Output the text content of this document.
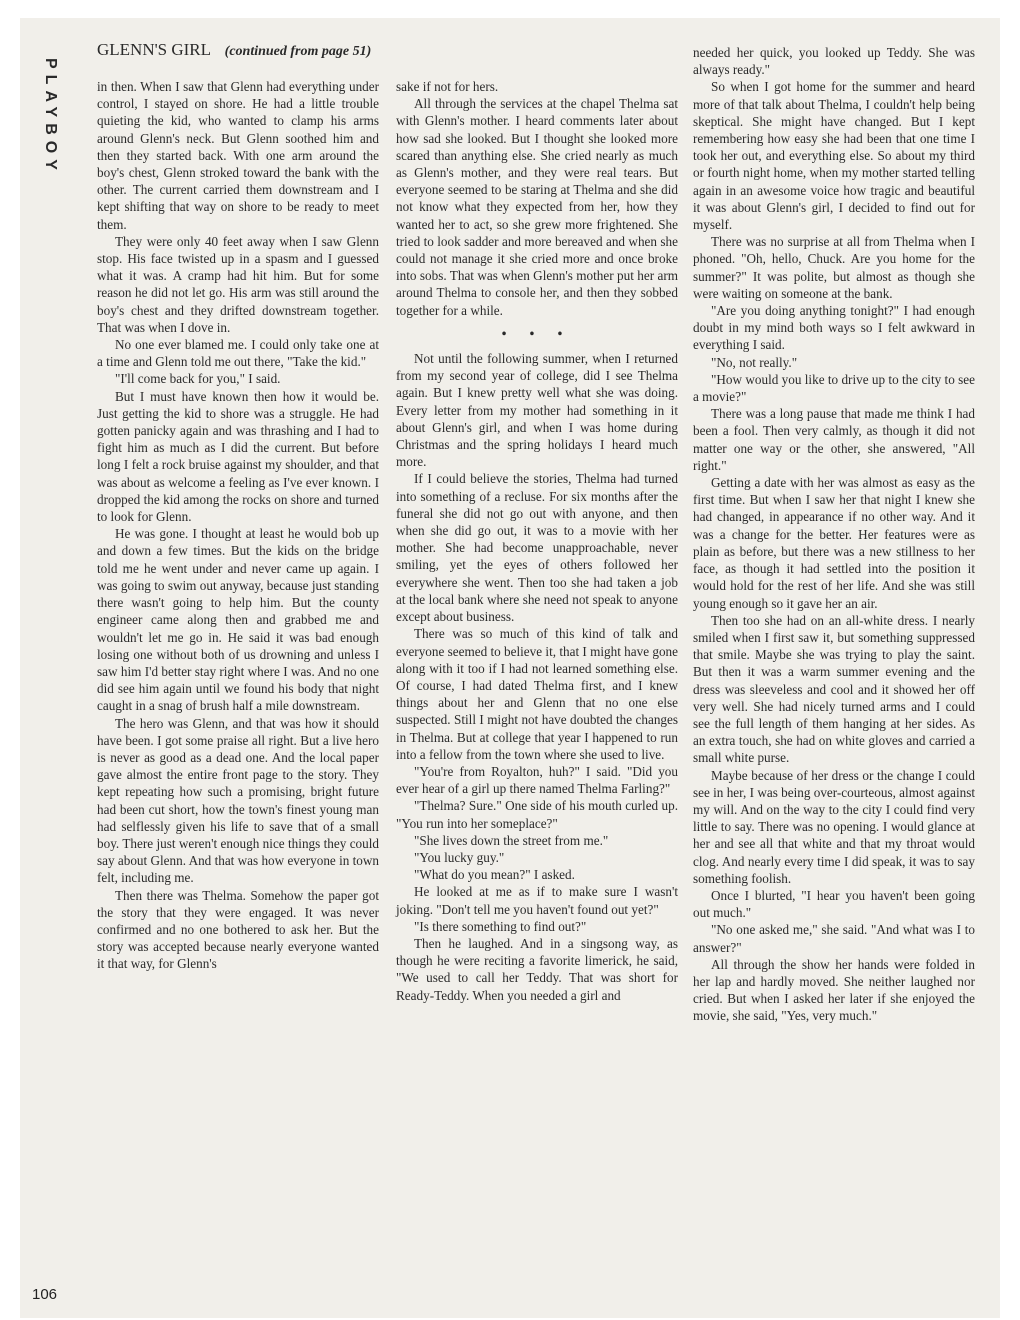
PLAYBOY
GLENN'S GIRL (continued from page 51)

in then. When I saw that Glenn had everything under control, I stayed on shore. He had a little trouble quieting the kid, who wanted to clamp his arms around Glenn's neck. But Glenn soothed him and then they started back. With one arm around the boy's chest, Glenn stroked toward the bank with the other. The current carried them downstream and I kept shifting that way on shore to be ready to meet them.

They were only 40 feet away when I saw Glenn stop. His face twisted up in a spasm and I guessed what it was. A cramp had hit him. But for some reason he did not let go. His arm was still around the boy's chest and they drifted downstream together. That was when I dove in.

No one ever blamed me. I could only take one at a time and Glenn told me out there, "Take the kid."

"I'll come back for you," I said.

But I must have known then how it would be. Just getting the kid to shore was a struggle. He had gotten panicky again and was thrashing and I had to fight him as much as I did the current. But before long I felt a rock bruise against my shoulder, and that was about as welcome a feeling as I've ever known. I dropped the kid among the rocks on shore and turned to look for Glenn.

He was gone. I thought at least he would bob up and down a few times. But the kids on the bridge told me he went under and never came up again. I was going to swim out anyway, because just standing there wasn't going to help him. But the county engineer came along then and grabbed me and wouldn't let me go in. He said it was bad enough losing one without both of us drowning and unless I saw him I'd better stay right where I was. And no one did see him again until we found his body that night caught in a snag of brush half a mile downstream.

The hero was Glenn, and that was how it should have been. I got some praise all right. But a live hero is never as good as a dead one. And the local paper gave almost the entire front page to the story. They kept repeating how such a promising, bright future had been cut short, how the town's finest young man had selflessly given his life to save that of a small boy. There just weren't enough nice things they could say about Glenn. And that was how everyone in town felt, including me.

Then there was Thelma. Somehow the paper got the story that they were engaged. It was never confirmed and no one bothered to ask her. But the story was accepted because nearly everyone wanted it that way, for Glenn's

sake if not for hers.

All through the services at the chapel Thelma sat with Glenn's mother. I heard comments later about how sad she looked. But I thought she looked more scared than anything else. She cried nearly as much as Glenn's mother, and they were real tears. But everyone seemed to be staring at Thelma and she did not know what they expected from her, how they wanted her to act, so she grew more frightened. She tried to look sadder and more bereaved and when she could not manage it she cried more and once broke into sobs. That was when Glenn's mother put her arm around Thelma to console her, and then they sobbed together for a while.

• • •

Not until the following summer, when I returned from my second year of college, did I see Thelma again. But I knew pretty well what she was doing. Every letter from my mother had something in it about Glenn's girl, and when I was home during Christmas and the spring holidays I heard much more.

If I could believe the stories, Thelma had turned into something of a recluse. For six months after the funeral she did not go out with anyone, and then when she did go out, it was to a movie with her mother. She had become unapproachable, never smiling, yet the eyes of others followed her everywhere she went. Then too she had taken a job at the local bank where she need not speak to anyone except about business.

There was so much of this kind of talk and everyone seemed to believe it, that I might have gone along with it too if I had not learned something else. Of course, I had dated Thelma first, and I knew things about her and Glenn that no one else suspected. Still I might not have doubted the changes in Thelma. But at college that year I happened to run into a fellow from the town where she used to live.

"You're from Royalton, huh?" I said. "Did you ever hear of a girl up there named Thelma Farling?"

"Thelma? Sure." One side of his mouth curled up. "You run into her someplace?"

"She lives down the street from me."

"You lucky guy."

"What do you mean?" I asked.

He looked at me as if to make sure I wasn't joking. "Don't tell me you haven't found out yet?"

"Is there something to find out?"

Then he laughed. And in a singsong way, as though he were reciting a favorite limerick, he said, "We used to call her Teddy. That was short for Ready-Teddy. When you needed a girl and

needed her quick, you looked up Teddy. She was always ready."

So when I got home for the summer and heard more of that talk about Thelma, I couldn't help being skeptical. She might have changed. But I kept remembering how easy she had been that one time I took her out, and everything else. So about my third or fourth night home, when my mother started telling again in an awesome voice how tragic and beautiful it was about Glenn's girl, I decided to find out for myself.

There was no surprise at all from Thelma when I phoned. "Oh, hello, Chuck. Are you home for the summer?" It was polite, but almost as though she were waiting on someone at the bank.

"Are you doing anything tonight?" I had enough doubt in my mind both ways so I felt awkward in everything I said.

"No, not really."

"How would you like to drive up to the city to see a movie?"

There was a long pause that made me think I had been a fool. Then very calmly, as though it did not matter one way or the other, she answered, "All right."

Getting a date with her was almost as easy as the first time. But when I saw her that night I knew she had changed, in appearance if no other way. And it was a change for the better. Her features were as plain as before, but there was a new stillness to her face, as though it had settled into the position it would hold for the rest of her life. And she was still young enough so it gave her an air.

Then too she had on an all-white dress. I nearly smiled when I first saw it, but something suppressed that smile. Maybe she was trying to play the saint. But then it was a warm summer evening and the dress was sleeveless and cool and it showed her off very well. She had nicely turned arms and I could see the full length of them hanging at her sides. As an extra touch, she had on white gloves and carried a small white purse.

Maybe because of her dress or the change I could see in her, I was being over-courteous, almost against my will. And on the way to the city I could find very little to say. There was no opening. I would glance at her and see all that white and that my throat would clog. And nearly every time I did speak, it was to say something foolish.

Once I blurted, "I hear you haven't been going out much."

"No one asked me," she said. "And what was I to answer?"

All through the show her hands were folded in her lap and hardly moved. She neither laughed nor cried. But when I asked her later if she enjoyed the movie, she said, "Yes, very much."

106
